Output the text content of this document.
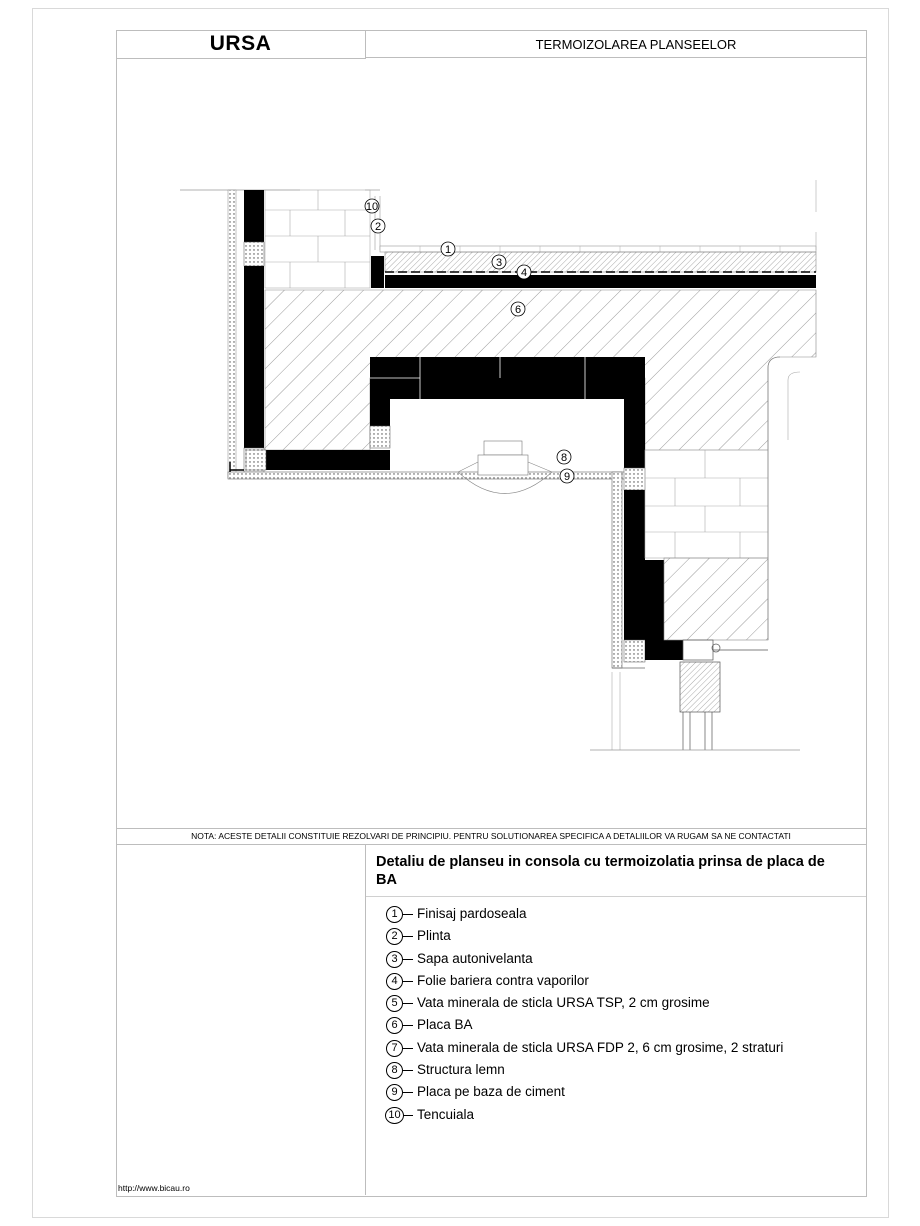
URSA	TERMOIZOLAREA PLANSEELOR
10
2
1
3
4
6
8
9
NOTA: ACESTE DETALII CONSTITUIE REZOLVARI DE PRINCIPIU. PENTRU SOLUTIONAREA SPECIFICA A DETALIILOR VA RUGAM SA NE CONTACTATI
Detaliu de planseu in consola cu termoizolatia prinsa de placa de BA
1	Finisaj pardoseala
2	Plinta
3	Sapa autonivelanta
4	Folie bariera contra vaporilor
5	Vata minerala de sticla URSA TSP, 2 cm grosime
6	Placa BA
7	Vata minerala de sticla URSA FDP 2, 6 cm grosime, 2 straturi
8	Structura lemn
9	Placa pe baza de ciment
10 Tencuiala
http://www.bicau.ro
